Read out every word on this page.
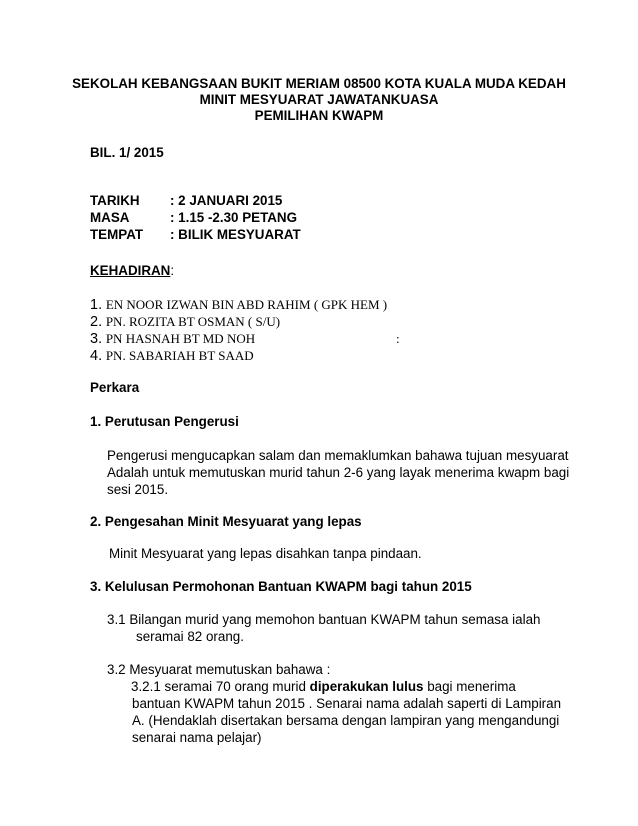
SEKOLAH KEBANGSAAN BUKIT MERIAM 08500 KOTA KUALA MUDA KEDAH
MINIT MESYUARAT JAWATANKUASA
PEMILIHAN KWAPM
BIL. 1/ 2015
TARIKH : 2 JANUARI 2015
MASA	: 1.15 -2.30 PETANG
TEMPAT : BILIK MESYUARAT
KEHADIRAN:
1. EN NOOR IZWAN BIN ABD RAHIM ( GPK HEM )
2. PN. ROZITA BT OSMAN ( S/U)
3. PN HASNAH BT MD NOH	:
4. PN. SABARIAH BT SAAD
Perkara
1. Perutusan Pengerusi
Pengerusi mengucapkan salam dan memaklumkan bahawa tujuan mesyuarat
Adalah untuk memutuskan murid tahun 2-6 yang layak menerima kwapm bagi
sesi 2015.
2. Pengesahan Minit Mesyuarat yang lepas
Minit Mesyuarat yang lepas disahkan tanpa pindaan.
3. Kelulusan Permohonan Bantuan KWAPM bagi tahun 2015
3.1 Bilangan murid yang memohon bantuan KWAPM tahun semasa ialah
seramai 82 orang.
3.2 Mesyuarat memutuskan bahawa :
3.2.1 seramai 70 orang murid diperakukan lulus bagi menerima
bantuan KWAPM tahun 2015 . Senarai nama adalah saperti di Lampiran
A. (Hendaklah disertakan bersama dengan lampiran yang mengandungi
senarai nama pelajar)
